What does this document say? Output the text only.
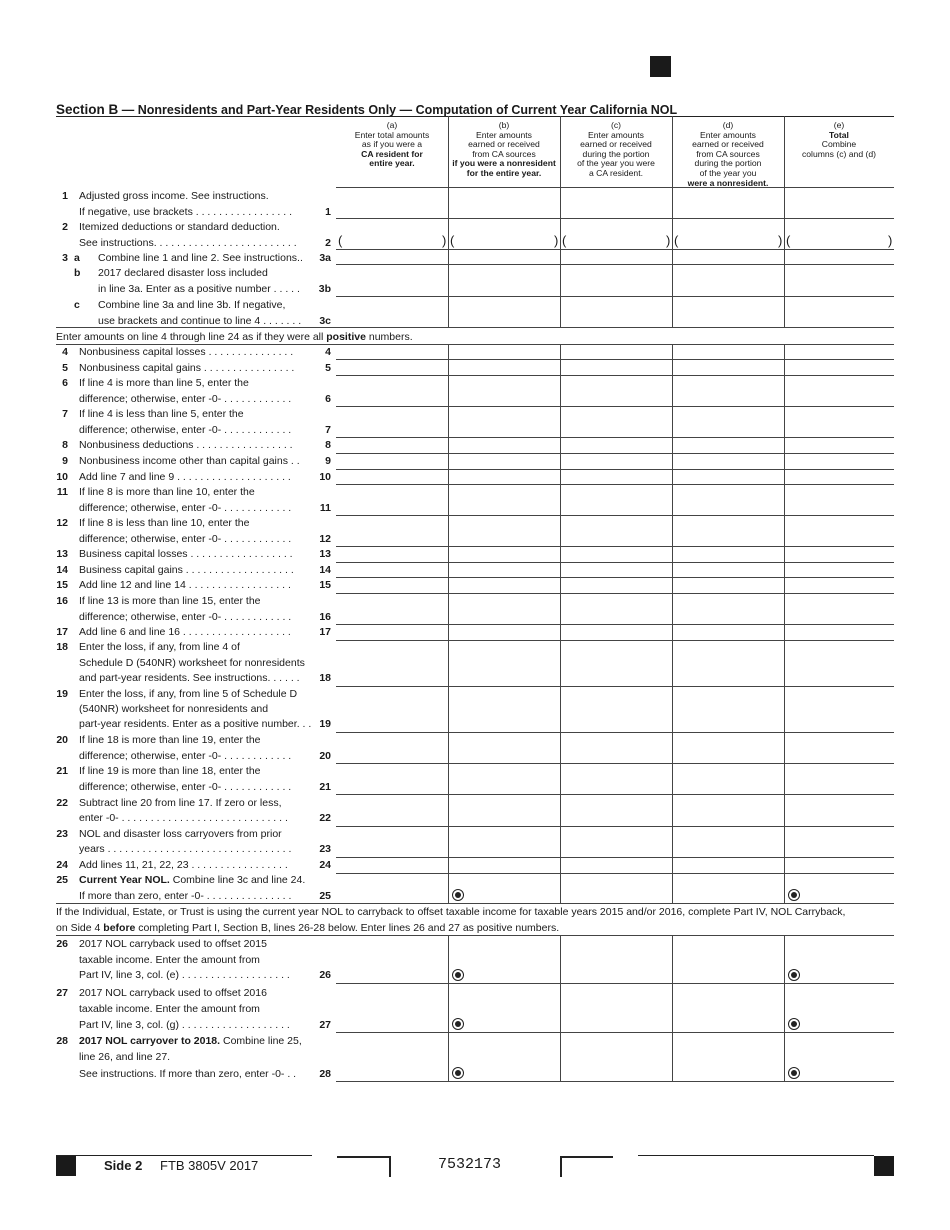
Section B — Nonresidents and Part-Year Residents Only — Computation of Current Year California NOL
(a)
Enter total amounts
as if you were a
CA resident for
entire year.
(b)
Enter amounts
earned or received
from CA sources
if you were a nonresident
for the entire year.
(c)
Enter amounts
earned or received
during the portion
of the year you were
a CA resident.
(d)
Enter amounts
earned or received
from CA sources
during the portion
of the year you
were a nonresident.
(e)
Total
Combine
columns (c) and (d)
1 Adjusted gross income. See instructions.
If negative, use brackets . . . . . . . . . . . . . . . . .	1
2 Itemized deductions or standard deduction.
See instructions. . . . . . . . . . . . . . . . . . . . . . . . .	2 (	) (	) (	) (	) (	)
3 a	Combine line 1 and line 2. See instructions..	3a
b	2017 declared disaster loss included
in line 3a. Enter as a positive number . . . . .	3b
c	Combine line 3a and line 3b. If negative,
use brackets and continue to line 4 . . . . . . .	3c
4 Nonbusiness capital losses . . . . . . . . . . . . . . .	4
5 Nonbusiness capital gains . . . . . . . . . . . . . . . .	5
6 If line 4 is more than line 5, enter the
difference; otherwise, enter -0- . . . . . . . . . . . .	6
7 If line 4 is less than line 5, enter the
difference; otherwise, enter -0- . . . . . . . . . . . .	7
8 Nonbusiness deductions . . . . . . . . . . . . . . . . .	8
9 Nonbusiness income other than capital gains . .	9
10 Add line 7 and line 9 . . . . . . . . . . . . . . . . . . . .	10
11 If line 8 is more than line 10, enter the
difference; otherwise, enter -0- . . . . . . . . . . . .	11
12 If line 8 is less than line 10, enter the
difference; otherwise, enter -0- . . . . . . . . . . . .	12
13 Business capital losses . . . . . . . . . . . . . . . . . .	13
14 Business capital gains . . . . . . . . . . . . . . . . . . .	14
15 Add line 12 and line 14 . . . . . . . . . . . . . . . . . .	15
16 If line 13 is more than line 15, enter the
difference; otherwise, enter -0- . . . . . . . . . . . .	16
17 Add line 6 and line 16 . . . . . . . . . . . . . . . . . . .	17
18 Enter the loss, if any, from line 4 of
Schedule D (540NR) worksheet for nonresidents
and part-year residents. See instructions. . . . . .	18
19 Enter the loss, if any, from line 5 of Schedule D
(540NR) worksheet for nonresidents and
part-year residents. Enter as a positive number. . . 19
20 If line 18 is more than line 19, enter the
difference; otherwise, enter -0- . . . . . . . . . . . .	20
21 If line 19 is more than line 18, enter the
difference; otherwise, enter -0- . . . . . . . . . . . .	21
22 Subtract line 20 from line 17. If zero or less,
enter -0- . . . . . . . . . . . . . . . . . . . . . . . . . . . . .	22
23 NOL and disaster loss carryovers from prior
years . . . . . . . . . . . . . . . . . . . . . . . . . . . . . . . .	23
24 Add lines 11, 21, 22, 23 . . . . . . . . . . . . . . . . .	24
25 Current Year NOL. Combine line 3c and line 24.
If more than zero, enter -0- . . . . . . . . . . . . . . .	25
26 2017 NOL carryback used to offset 2015
taxable income. Enter the amount from
Part IV, line 3, col. (e) . . . . . . . . . . . . . . . . . . .	26
27 2017 NOL carryback used to offset 2016
taxable income. Enter the amount from
Part IV, line 3, col. (g) . . . . . . . . . . . . . . . . . . .	27
28 2017 NOL carryover to 2018. Combine line 25,
line 26, and line 27.
See instructions. If more than zero, enter -0- . .	28
Enter amounts on line 4 through line 24 as if they were all positive numbers.
If the Individual, Estate, or Trust is using the current year NOL to carryback to offset taxable income for taxable years 2015 and/or 2016, complete Part IV, NOL Carryback,
on Side 4 before completing Part I, Section B, lines 26-28 below. Enter lines 26 and 27 as positive numbers.
Side 2 FTB 3805V 2017	7532173
